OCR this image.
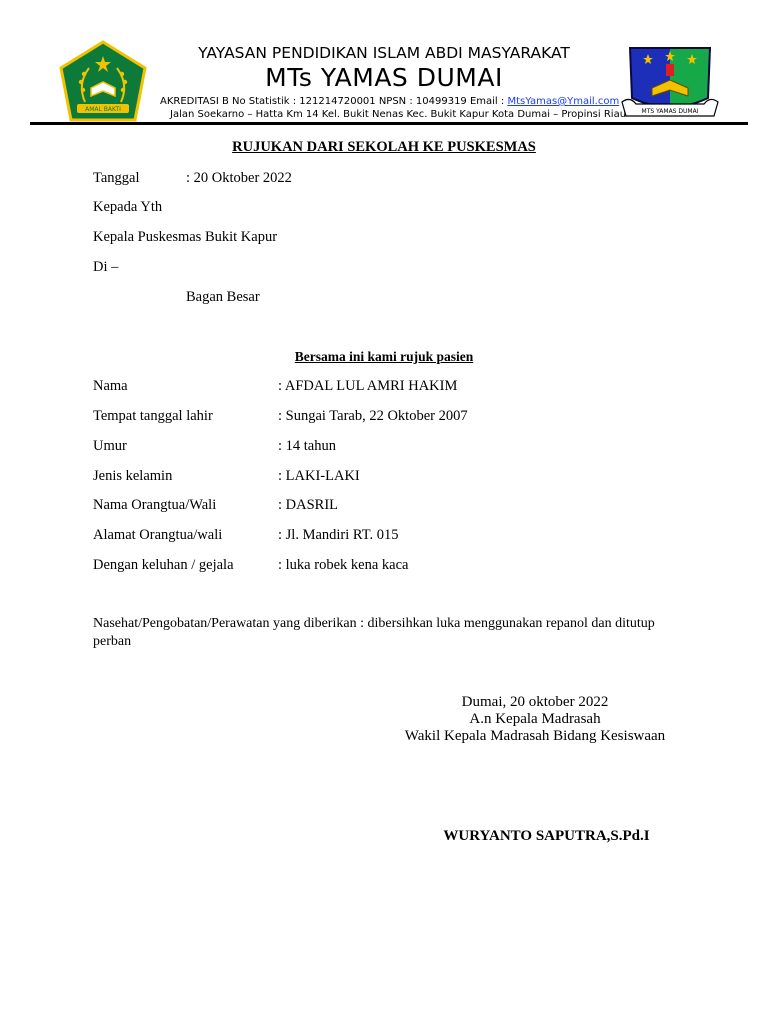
AMAL BAKTI	MTS YAMAS DUMAI
YAYASAN PENDIDIKAN ISLAM ABDI MASYARAKAT
MTs YAMAS DUMAI
AKREDITASI B No Statistik : 121214720001 NPSN : 10499319 Email : MtsYamas@Ymail.com
Jalan Soekarno – Hatta Km 14 Kel. Bukit Nenas Kec. Bukit Kapur Kota Dumai – Propinsi Riau
RUJUKAN DARI SEKOLAH KE PUSKESMAS
Tanggal	: 20 Oktober 2022
Kepada Yth
Kepala Puskesmas Bukit Kapur
Di –
Bagan Besar
Bersama ini kami rujuk pasien
Nama	: AFDAL LUL AMRI HAKIM
Tempat tanggal lahir	: Sungai Tarab, 22 Oktober 2007
Umur	: 14 tahun
Jenis kelamin	: LAKI-LAKI
Nama Orangtua/Wali	: DASRIL
Alamat Orangtua/wali	: Jl. Mandiri RT. 015
Dengan keluhan / gejala	: luka robek kena kaca
Nasehat/Pengobatan/Perawatan yang diberikan : dibersihkan luka menggunakan repanol dan ditutup perban
Dumai, 20 oktober 2022
A.n Kepala Madrasah
Wakil Kepala Madrasah Bidang Kesiswaan
WURYANTO SAPUTRA,S.Pd.I
